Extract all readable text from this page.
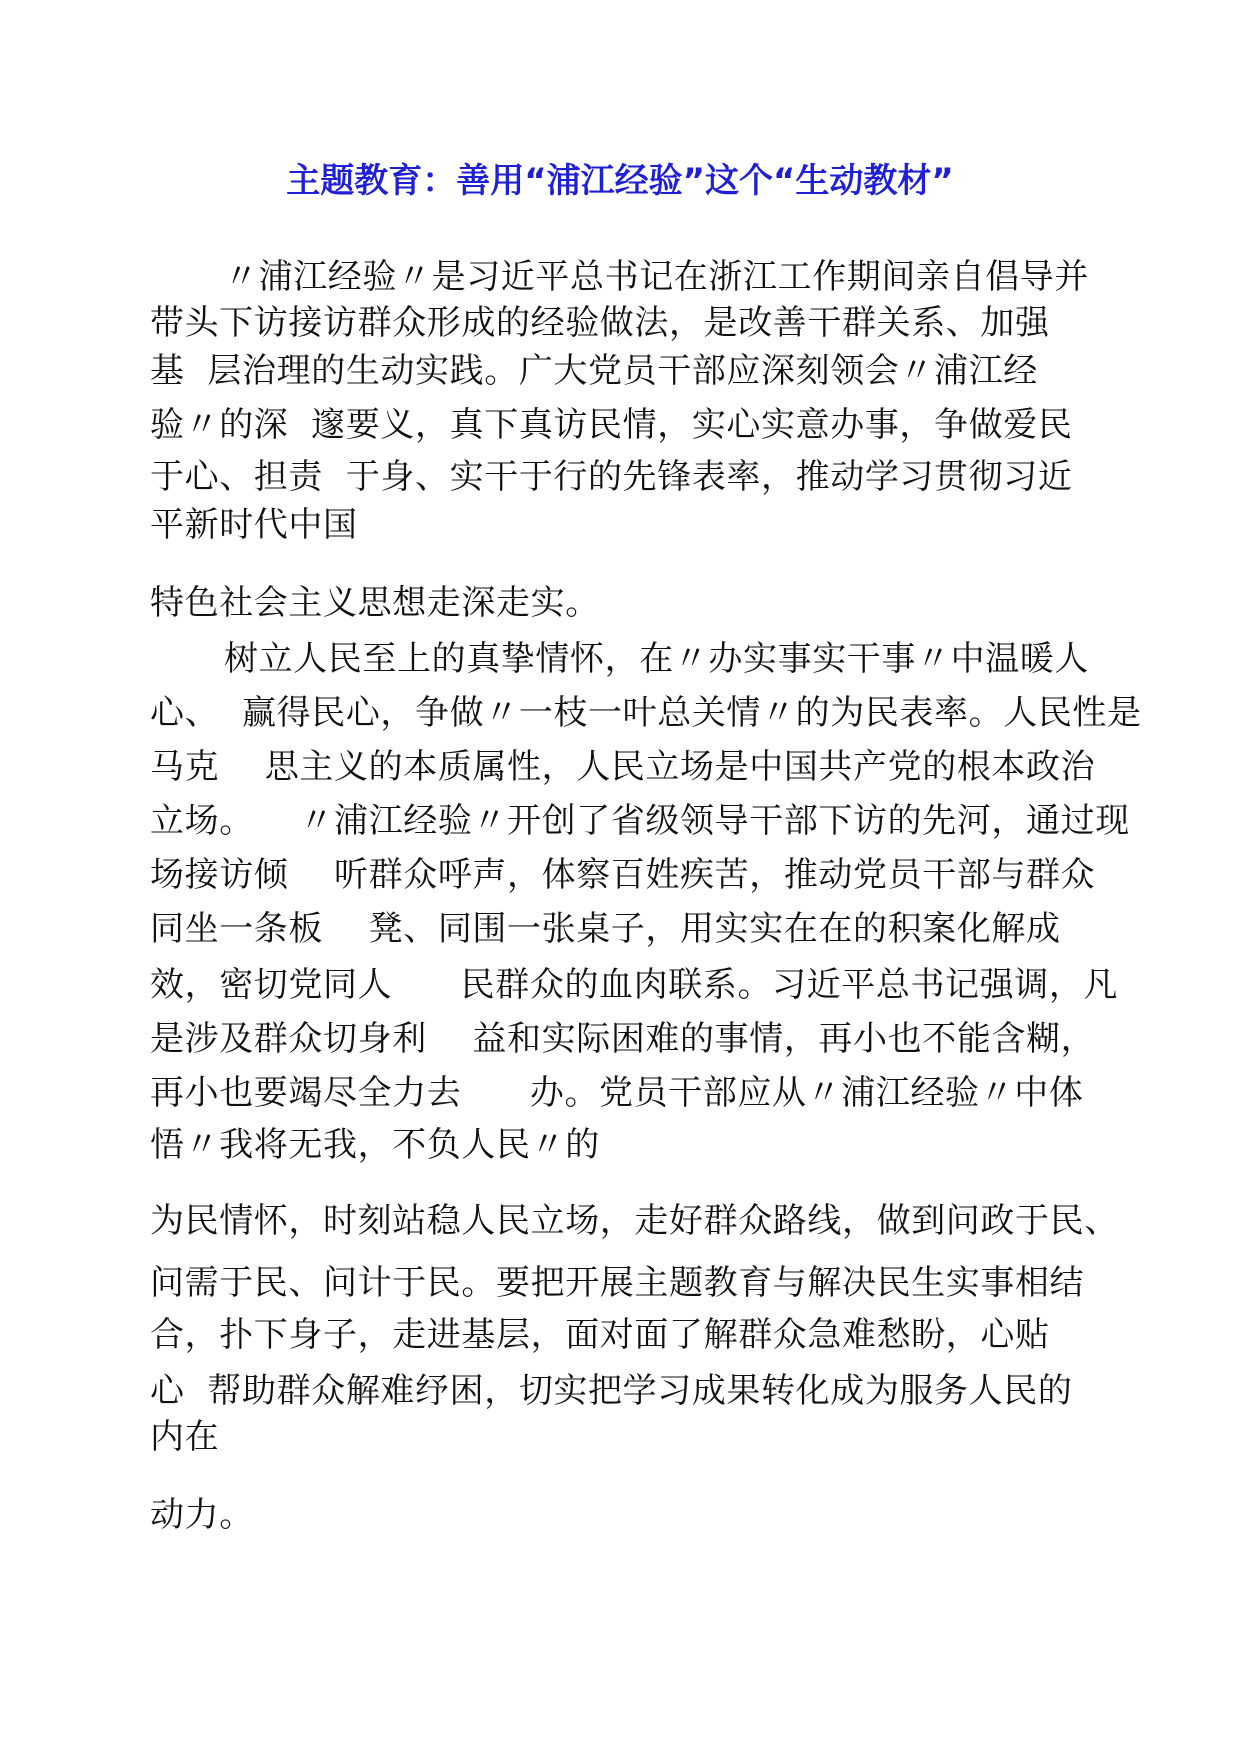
主题教育：善用“浦江经验”这个“生动教材”
〃浦江经验〃是习近平总书记在浙江工作期间亲自倡导并
带头下访接访群众形成的经验做法，是改善干群关系、加强
基  层治理的生动实践。广大党员干部应深刻领会〃浦江经
验〃的深  邃要义，真下真访民情，实心实意办事，争做爱民
于心、担责  于身、实干于行的先锋表率，推动学习贯彻习近
平新时代中国
特色社会主义思想走深走实。
树立人民至上的真挚情怀，在〃办实事实干事〃中温暖人
心、  赢得民心，争做〃一枝一叶总关情〃的为民表率。人民性是
马克    思主义的本质属性，人民立场是中国共产党的根本政治
立场。    〃浦江经验〃开创了省级领导干部下访的先河，通过现
场接访倾    听群众呼声，体察百姓疾苦，推动党员干部与群众
同坐一条板    凳、同围一张桌子，用实实在在的积案化解成
效，密切党同人      民群众的血肉联系。习近平总书记强调，凡
是涉及群众切身利    益和实际困难的事情，再小也不能含糊，
再小也要竭尽全力去      办。党员干部应从〃浦江经验〃中体
悟〃我将无我，不负人民〃的
为民情怀，时刻站稳人民立场，走好群众路线，做到问政于民、
问需于民、问计于民。要把开展主题教育与解决民生实事相结
合，扑下身子，走进基层，面对面了解群众急难愁盼，心贴
心  帮助群众解难纾困，切实把学习成果转化成为服务人民的
内在
动力。
